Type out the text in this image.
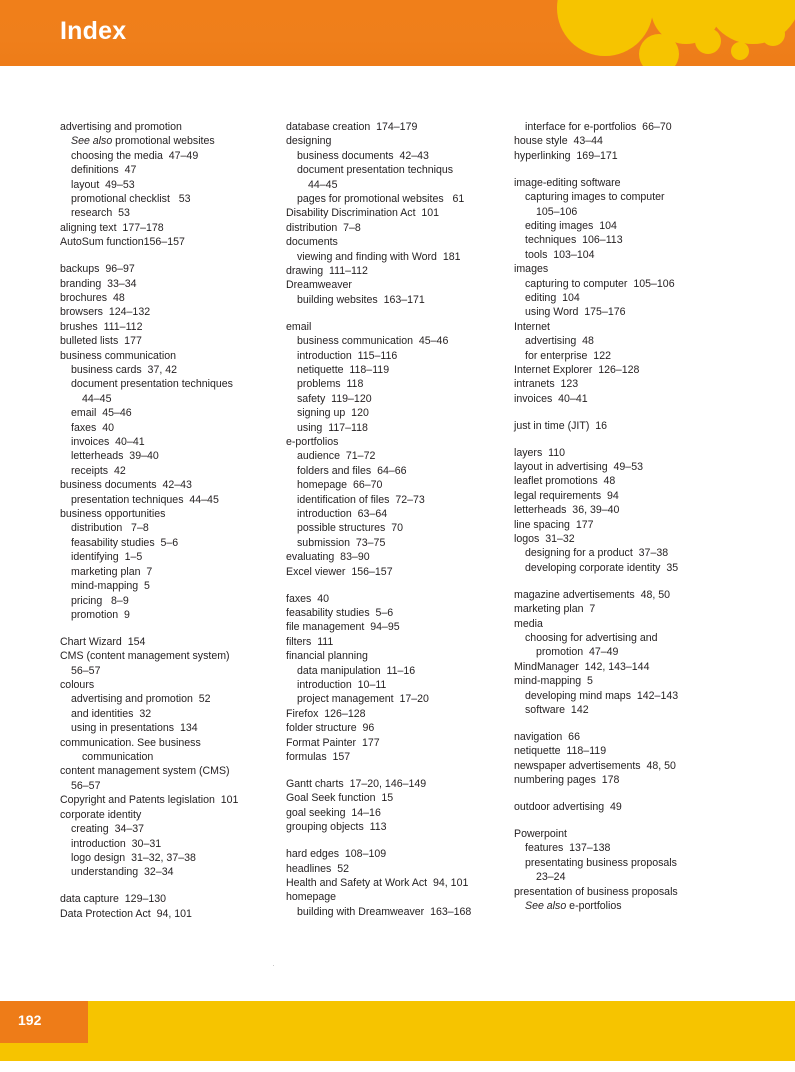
Index
advertising and promotion
See also promotional websites
choosing the media  47–49
definitions  47
layout  49–53
promotional checklist   53
research  53
aligning text  177–178
AutoSum function156–157
backups  96–97
branding  33–34
brochures  48
browsers  124–132
brushes  111–112
bulleted lists  177
business communication
business cards  37, 42
document presentation techniques
44–45
email  45–46
faxes  40
invoices  40–41
letterheads  39–40
receipts  42
business documents  42–43
presentation techniques  44–45
business opportunities
distribution   7–8
feasability studies  5–6
identifying  1–5
marketing plan  7
mind-mapping  5
pricing   8–9
promotion  9
Chart Wizard  154
CMS (content management system)
56–57
colours
advertising and promotion  52
and identities  32
using in presentations  134
communication. See business
communication
content management system (CMS)
56–57
Copyright and Patents legislation  101
corporate identity
creating  34–37
introduction  30–31
logo design  31–32, 37–38
understanding  32–34
data capture  129–130
Data Protection Act  94, 101
database creation  174–179
designing
business documents  42–43
document presentation techniqus
44–45
pages for promotional websites   61
Disability Discrimination Act  101
distribution  7–8
documents
viewing and finding with Word  181
drawing  111–112
Dreamweaver
building websites  163–171
email
business communication  45–46
introduction  115–116
netiquette  118–119
problems  118
safety  119–120
signing up  120
using  117–118
e-portfolios
audience  71–72
folders and files  64–66
homepage  66–70
identification of files  72–73
introduction  63–64
possible structures  70
submission  73–75
evaluating  83–90
Excel viewer  156–157
faxes  40
feasability studies  5–6
file management  94–95
filters  111
financial planning
data manipulation  11–16
introduction  10–11
project management  17–20
Firefox  126–128
folder structure  96
Format Painter  177
formulas  157
Gantt charts  17–20, 146–149
Goal Seek function  15
goal seeking  14–16
grouping objects  113
hard edges  108–109
headlines  52
Health and Safety at Work Act  94, 101
homepage
building with Dreamweaver  163–168
interface for e-portfolios  66–70
house style  43–44
hyperlinking  169–171
image-editing software
capturing images to computer
105–106
editing images  104
techniques  106–113
tools  103–104
images
capturing to computer  105–106
editing  104
using Word  175–176
Internet
advertising  48
for enterprise  122
Internet Explorer  126–128
intranets  123
invoices  40–41
just in time (JIT)  16
layers  110
layout in advertising  49–53
leaflet promotions  48
legal requirements  94
letterheads  36, 39–40
line spacing  177
logos  31–32
designing for a product  37–38
developing corporate identity  35
magazine advertisements  48, 50
marketing plan  7
media
choosing for advertising and
promotion  47–49
MindManager  142, 143–144
mind-mapping  5
developing mind maps  142–143
software  142
navigation  66
netiquette  118–119
newspaper advertisements  48, 50
numbering pages  178
outdoor advertising  49
Powerpoint
features  137–138
presentating business proposals
23–24
presentation of business proposals
See also e-portfolios
·
192
